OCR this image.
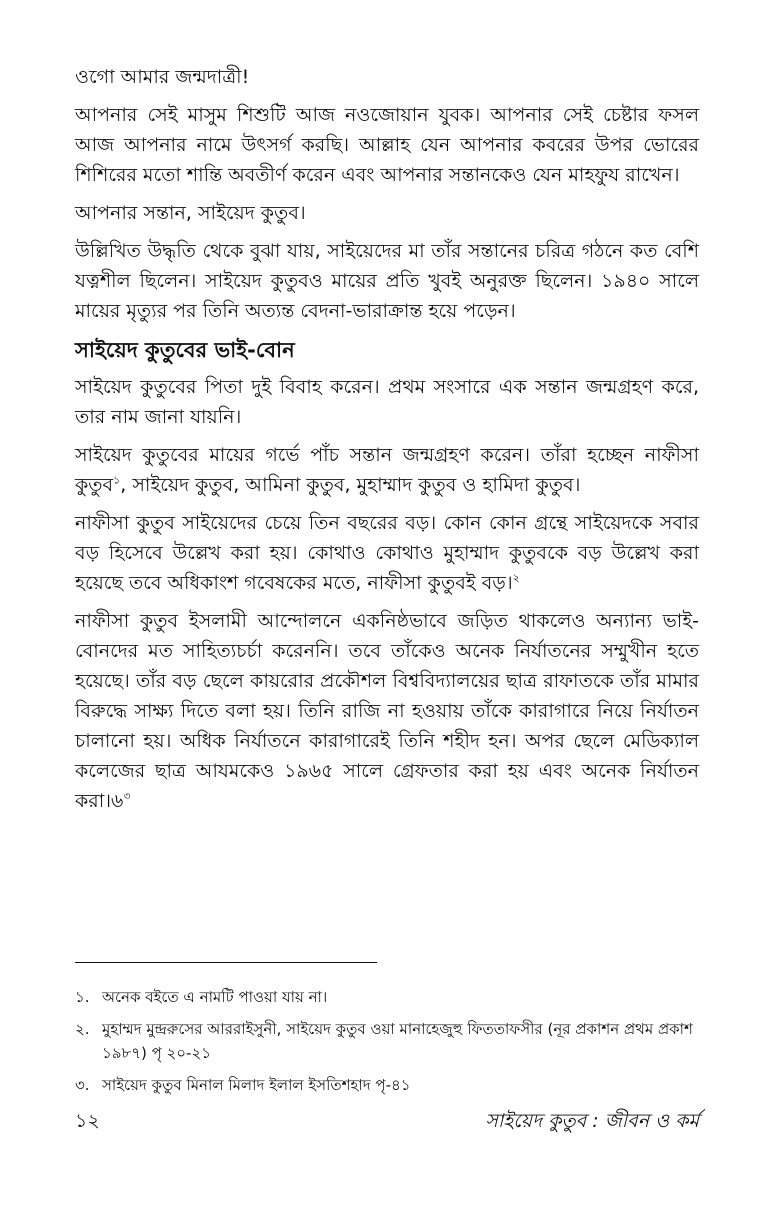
ওগো আমার জন্মদাত্রী!

আপনার সেই মাসুম শিশুটি আজ নওজোয়ান যুবক। আপনার সেই চেষ্টার ফসল আজ আপনার নামে উৎসর্গ করছি। আল্লাহ যেন আপনার কবরের উপর ভোরের শিশিরের মতো শান্তি অবতীর্ণ করেন এবং আপনার সন্তানকেও যেন মাহফুয রাখেন।

আপনার সন্তান, সাইয়েদ কুতুব।

উল্লিখিত উদ্ধৃতি থেকে বুঝা যায়, সাইয়েদের মা তাঁর সন্তানের চরিত্র গঠনে কত বেশি যত্নশীল ছিলেন। সাইয়েদ কুতুবও মায়ের প্রতি খুবই অনুরক্ত ছিলেন। ১৯৪০ সালে মায়ের মৃত্যুর পর তিনি অত্যন্ত বেদনা-ভারাক্রান্ত হয়ে পড়েন।

সাইয়েদ কুতুবের ভাই-বোন

সাইয়েদ কুতুবের পিতা দুই বিবাহ করেন। প্রথম সংসারে এক সন্তান জন্মগ্রহণ করে, তার নাম জানা যায়নি।

সাইয়েদ কুতুবের মায়ের গর্ভে পাঁচ সন্তান জন্মগ্রহণ করেন। তাঁরা হচ্ছেন নাফীসা কুতুব$^১$, সাইয়েদ কুতুব, আমিনা কুতুব, মুহাম্মাদ কুতুব ও হামিদা কুতুব।

নাফীসা কুতুব সাইয়েদের চেয়ে তিন বছরের বড়। কোন কোন গ্রন্থে সাইয়েদকে সবার বড় হিসেবে উল্লেখ করা হয়। কোথাও কোথাও মুহাম্মাদ কুতুবকে বড় উল্লেখ করা হয়েছে তবে অধিকাংশ গবেষকের মতে, নাফীসা কুতুবই বড়।$^২$

নাফীসা কুতুব ইসলামী আন্দোলনে একনিষ্ঠভাবে জড়িত থাকলেও অন্যান্য ভাই-বোনদের মত সাহিত্যচর্চা করেননি। তবে তাঁকেও অনেক নির্যাতনের সম্মুখীন হতে হয়েছে। তাঁর বড় ছেলে কায়রোর প্রকৌশল বিশ্ববিদ্যালয়ের ছাত্র রাফাতকে তাঁর মামার বিরুদ্ধে সাক্ষ্য দিতে বলা হয়। তিনি রাজি না হওয়ায় তাঁকে কারাগারে নিয়ে নির্যাতন চালানো হয়। অধিক নির্যাতনে কারাগারেই তিনি শহীদ হন। অপর ছেলে মেডিক্যাল কলেজের ছাত্র আযমকেও ১৯৬৫ সালে গ্রেফতার করা হয় এবং অনেক নির্যাতন $করা।৬^৩$

১. অনেক বইতে এ নামটি পাওয়া যায় না।
২. মুহাম্মদ মুন্দ্ররুসের আররাইসুনী, সাইয়েদ কুতুব ওয়া মানাহেজুহু ফিততাফসীর (নূর প্রকাশন প্রথম প্রকাশ ১৯৮৭) পৃ ২০-২১
৩. সাইয়েদ কুতুব মিনাল মিলাদ ইলাল ইসতিশহাদ পৃ-৪১
১২	সাইয়েদ কুতুব : জীবন ও কর্ম
